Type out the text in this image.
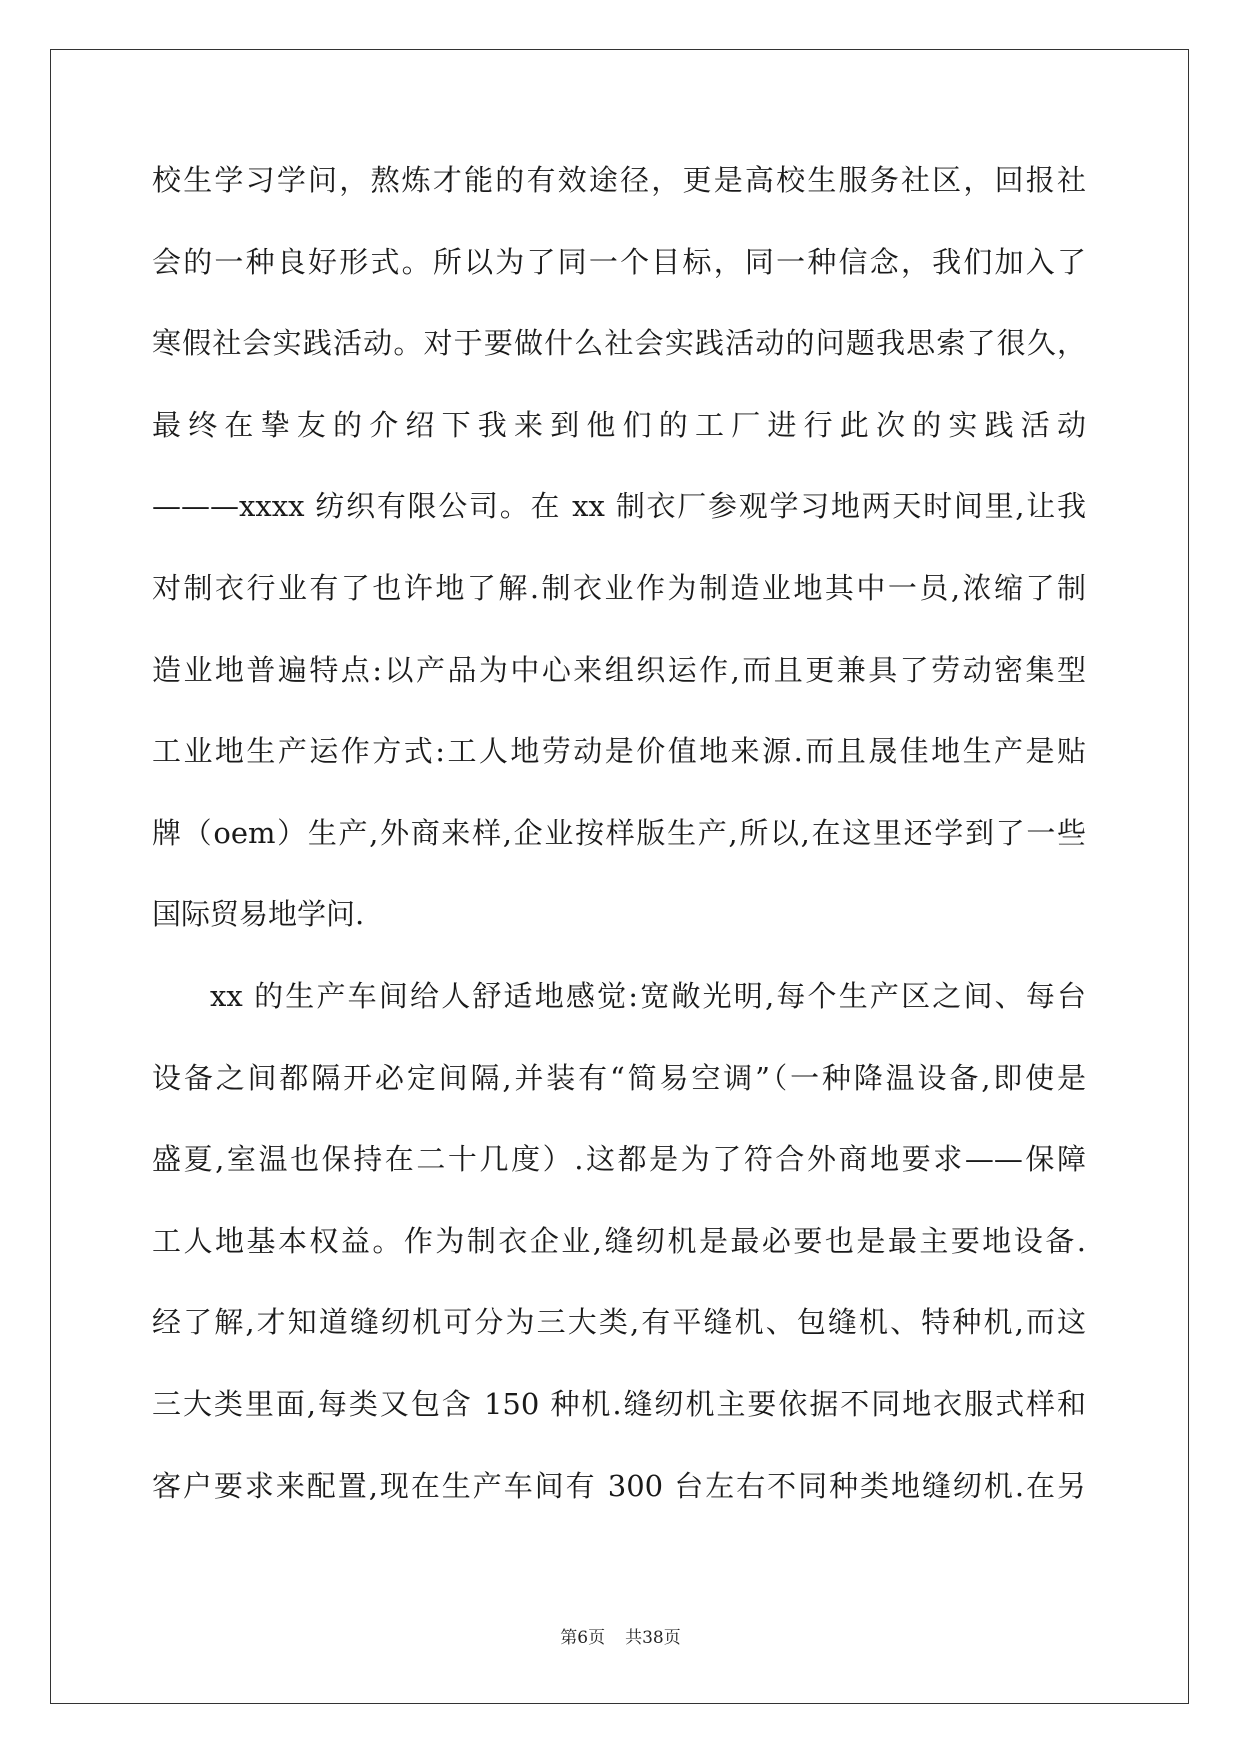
校生学习学问，熬炼才能的有效途径，更是高校生服务社区，回报社
会的一种良好形式。所以为了同一个目标，同一种信念，我们加入了
寒假社会实践活动。对于要做什么社会实践活动的问题我思索了很久，
最终在挚友的介绍下我来到他们的工厂进行此次的实践活动
———xxxx 纺织有限公司。在 xx 制衣厂参观学习地两天时间里,让我
对制衣行业有了也许地了解.制衣业作为制造业地其中一员,浓缩了制
造业地普遍特点:以产品为中心来组织运作,而且更兼具了劳动密集型
工业地生产运作方式:工人地劳动是价值地来源.而且晟佳地生产是贴
牌（oem）生产,外商来样,企业按样版生产,所以,在这里还学到了一些
国际贸易地学问.
xx 的生产车间给人舒适地感觉:宽敞光明,每个生产区之间、每台
设备之间都隔开必定间隔,并装有“简易空调”（一种降温设备,即使是
盛夏,室温也保持在二十几度）.这都是为了符合外商地要求——保障
工人地基本权益。作为制衣企业,缝纫机是最必要也是最主要地设备.
经了解,才知道缝纫机可分为三大类,有平缝机、包缝机、特种机,而这
三大类里面,每类又包含 150 种机.缝纫机主要依据不同地衣服式样和
客户要求来配置,现在生产车间有 300 台左右不同种类地缝纫机.在另
第6页 共38页
